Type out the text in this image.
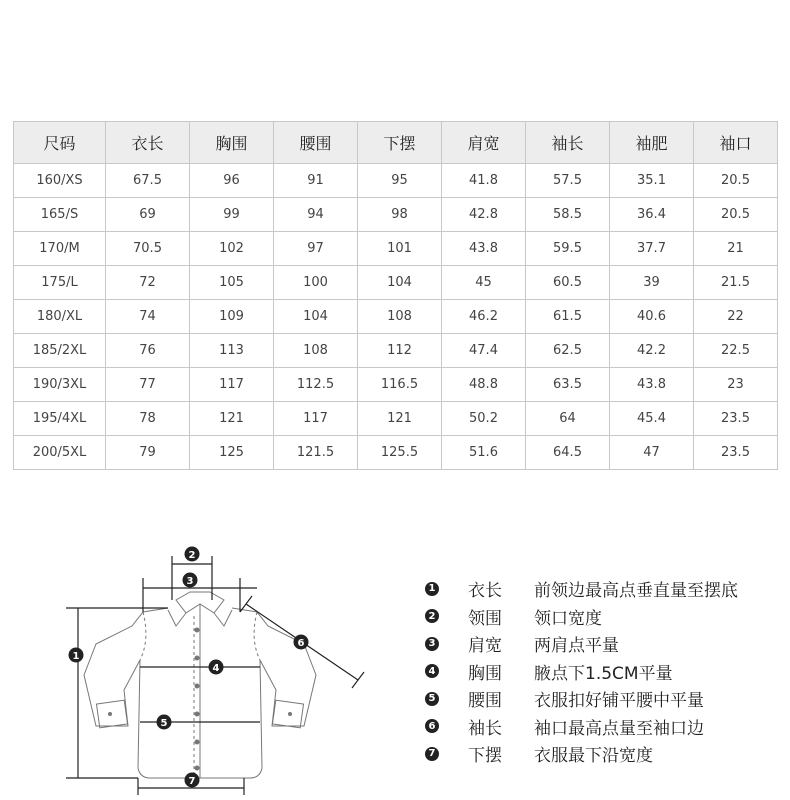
尺码	衣长	胸围	腰围	下摆	肩宽	袖长	袖肥	袖口
160/XS	67.5	96	91	95	41.8	57.5	35.1	20.5
165/S	69	99	94	98	42.8	58.5	36.4	20.5
170/M	70.5	102	97	101	43.8	59.5	37.7	21
175/L	72	105	100	104	45	60.5	39	21.5
180/XL	74	109	104	108	46.2	61.5	40.6	22
185/2XL	76	113	108	112	47.4	62.5	42.2	22.5
190/3XL	77	117	112.5	116.5	48.8	63.5	43.8	23
195/4XL	78	121	117	121	50.2	64	45.4	23.5
200/5XL	79	125	121.5	125.5	51.6	64.5	47	23.5
2
3
1
4
5
6
7
1 衣长	前领边最高点垂直量至摆底
2 领围	领口宽度
3 肩宽	两肩点平量
4 胸围	腋点下1.5CM平量
5 腰围	衣服扣好铺平腰中平量
6 袖长	袖口最高点量至袖口边
7 下摆	衣服最下沿宽度
